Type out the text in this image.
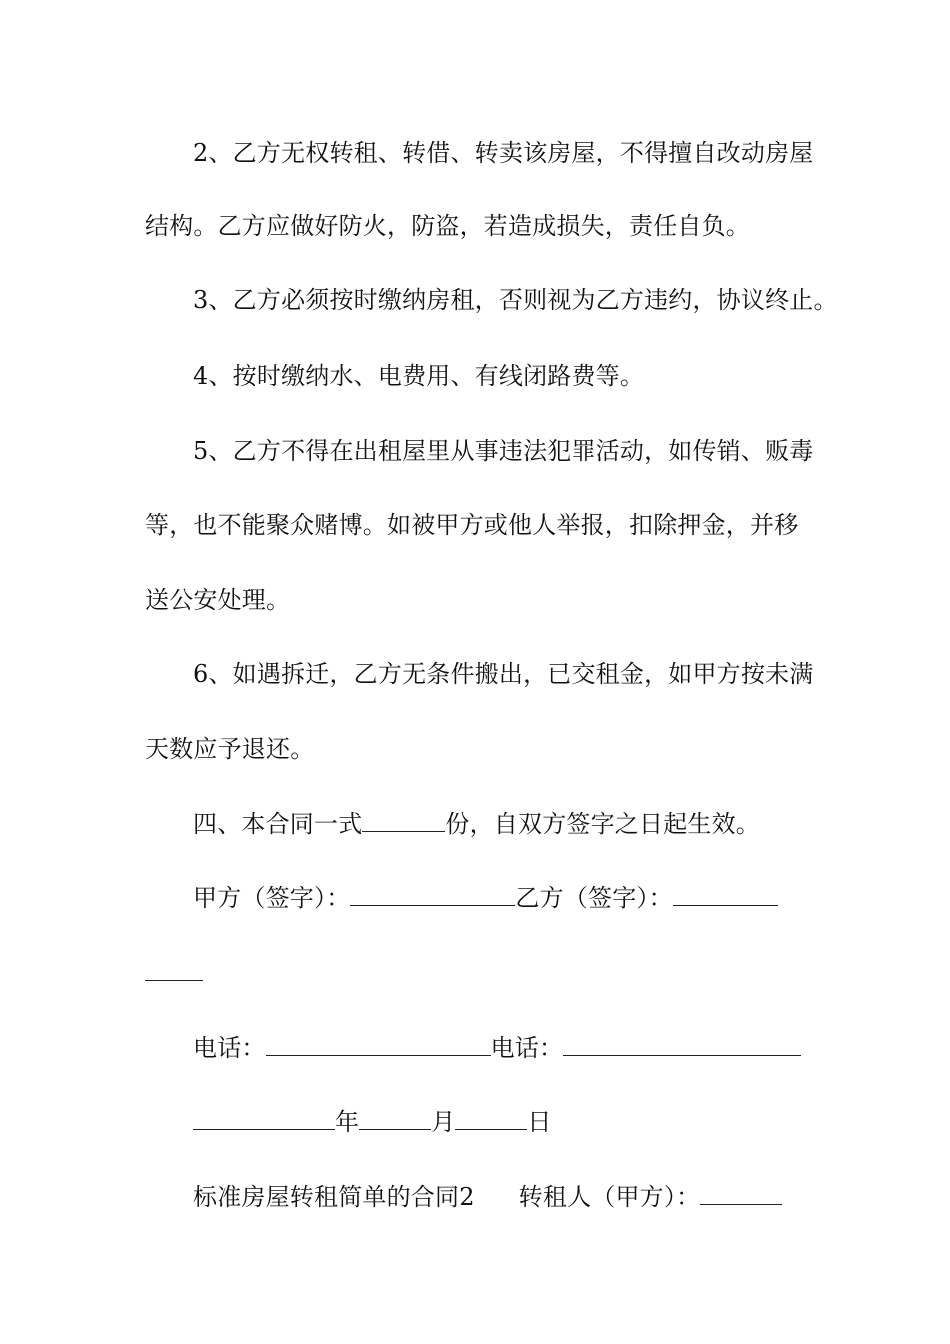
2、乙方无权转租、转借、转卖该房屋，不得擅自改动房屋
结构。乙方应做好防火，防盗，若造成损失，责任自负。
3、乙方必须按时缴纳房租，否则视为乙方违约，协议终止。
4、按时缴纳水、电费用、有线闭路费等。
5、乙方不得在出租屋里从事违法犯罪活动，如传销、贩毒
等，也不能聚众赌博。如被甲方或他人举报，扣除押金，并移
送公安处理。
6、如遇拆迁，乙方无条件搬出，已交租金，如甲方按未满
天数应予退还。
四、本合同一式	份，自双方签字之日起生效。
甲方（签字）：	乙方（签字）：
电话：	电话：
年	月	日
标准房屋转租简单的合同2 转租人（甲方）：
